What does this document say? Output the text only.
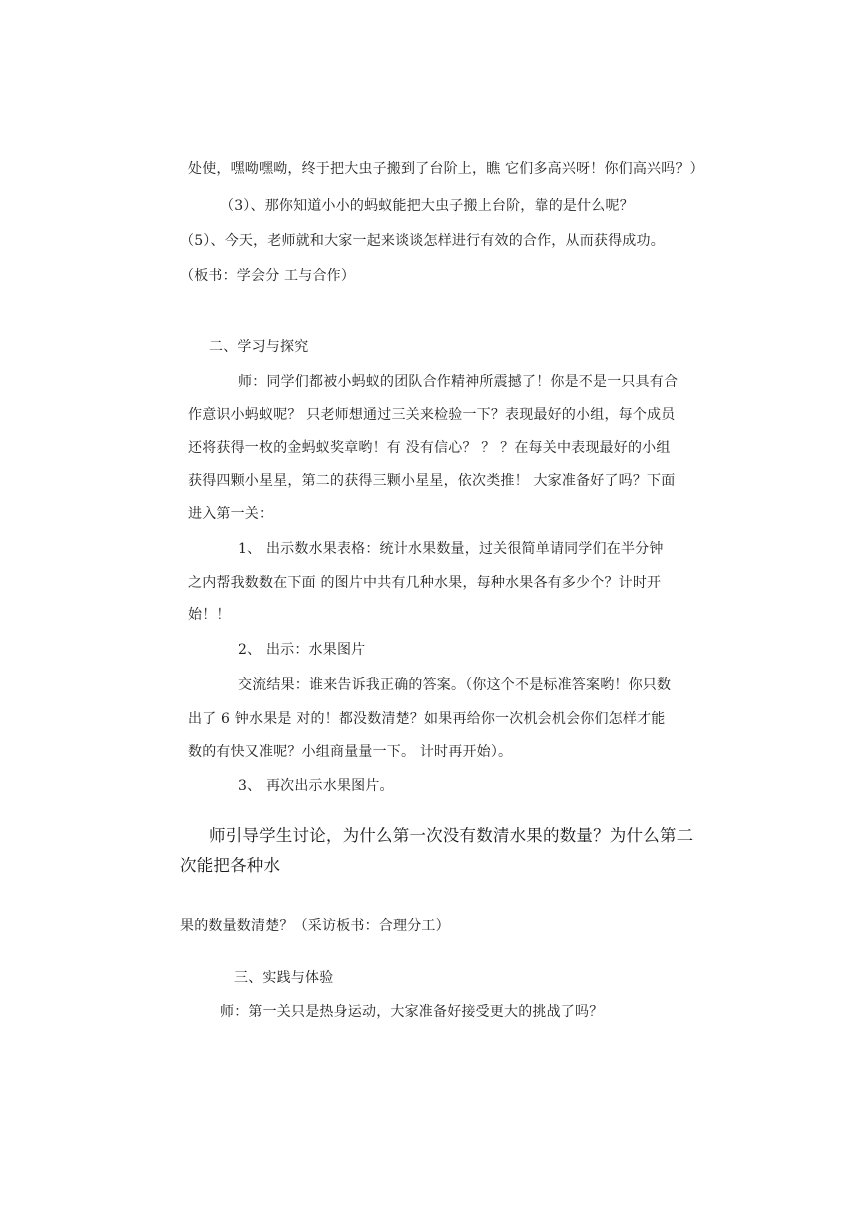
处使，嘿呦嘿呦，终于把大虫子搬到了台阶上，瞧 它们多高兴呀！你们高兴吗？）
（3）、那你知道小小的蚂蚁能把大虫子搬上台阶，靠的是什么呢？
（5）、今天，老师就和大家一起来谈谈怎样进行有效的合作，从而获得成功。
（板书：学会分 工与合作）
二、学习与探究
师：同学们都被小蚂蚁的团队合作精神所震撼了！你是不是一只具有合
作意识小蚂蚁呢？ 只老师想通过三关来检验一下？表现最好的小组，每个成员
还将获得一枚的金蚂蚁奖章哟！有 没有信心？ ？ ？在每关中表现最好的小组
获得四颗小星星，第二的获得三颗小星星，依次类推！ 大家准备好了吗？下面
进入第一关：
1、 出示数水果表格：统计水果数量，过关很简单请同学们在半分钟
之内帮我数数在下面 的图片中共有几种水果，每种水果各有多少个？计时开
始！！
2、 出示：水果图片
交流结果：谁来告诉我正确的答案。（你这个不是标准答案哟！你只数
出了 6 钟水果是 对的！都没数清楚？如果再给你一次机会机会你们怎样才能
数的有快又准呢？小组商量量一下。 计时再开始）。
3、 再次出示水果图片。
师引导学生讨论，为什么第一次没有数清水果的数量？为什么第二
次能把各种水
果的数量数清楚？（采访板书：合理分工）
三、实践与体验
师：第一关只是热身运动，大家准备好接受更大的挑战了吗？
